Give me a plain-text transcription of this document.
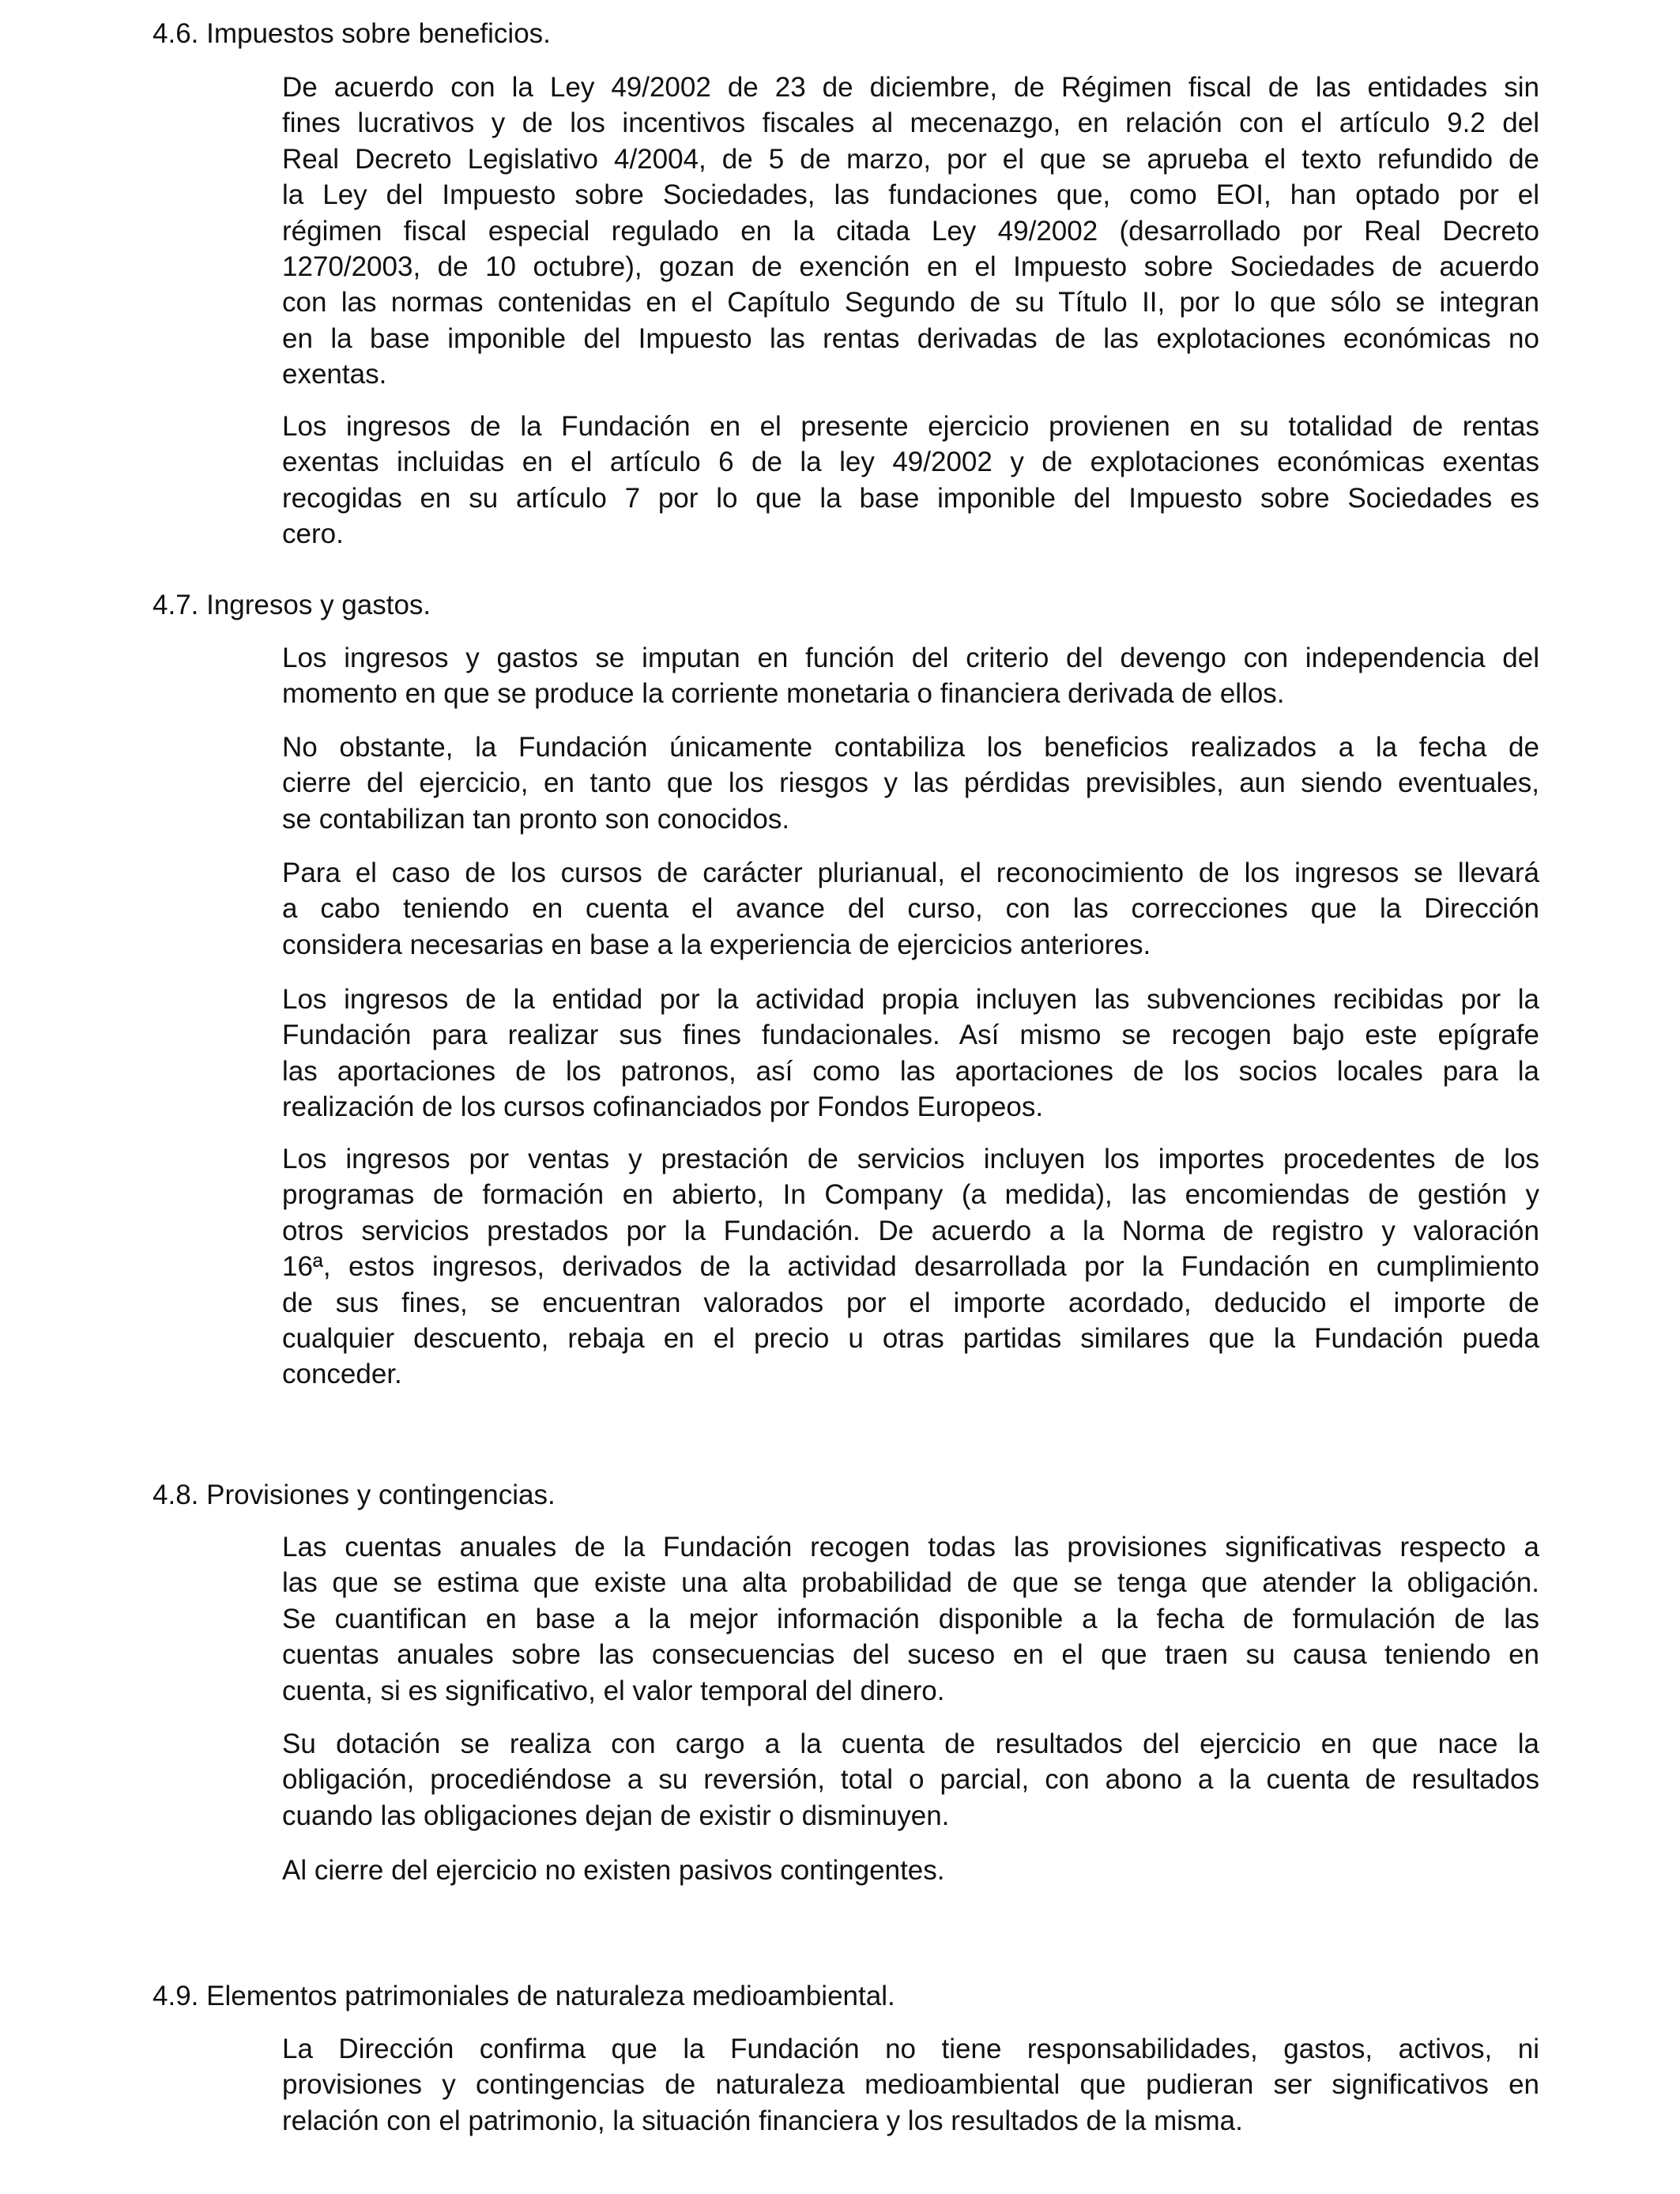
4.6. Impuestos sobre beneficios.

De acuerdo con la Ley 49/2002 de 23 de diciembre, de Régimen fiscal de las entidades sin
fines lucrativos y de los incentivos fiscales al mecenazgo, en relación con el artículo 9.2 del
Real Decreto Legislativo 4/2004, de 5 de marzo, por el que se aprueba el texto refundido de
la Ley del Impuesto sobre Sociedades, las fundaciones que, como EOI, han optado por el
régimen fiscal especial regulado en la citada Ley 49/2002 (desarrollado por Real Decreto
1270/2003, de 10 octubre), gozan de exención en el Impuesto sobre Sociedades de acuerdo
con las normas contenidas en el Capítulo Segundo de su Título II, por lo que sólo se integran
en la base imponible del Impuesto las rentas derivadas de las explotaciones económicas no
exentas.

Los ingresos de la Fundación en el presente ejercicio provienen en su totalidad de rentas
exentas incluidas en el artículo 6 de la ley 49/2002 y de explotaciones económicas exentas
recogidas en su artículo 7 por lo que la base imponible del Impuesto sobre Sociedades es
cero.

4.7. Ingresos y gastos.

Los ingresos y gastos se imputan en función del criterio del devengo con independencia del
momento en que se produce la corriente monetaria o financiera derivada de ellos.

No obstante, la Fundación únicamente contabiliza los beneficios realizados a la fecha de
cierre del ejercicio, en tanto que los riesgos y las pérdidas previsibles, aun siendo eventuales,
se contabilizan tan pronto son conocidos.

Para el caso de los cursos de carácter plurianual, el reconocimiento de los ingresos se llevará
a cabo teniendo en cuenta el avance del curso, con las correcciones que la Dirección
considera necesarias en base a la experiencia de ejercicios anteriores.

Los ingresos de la entidad por la actividad propia incluyen las subvenciones recibidas por la
Fundación para realizar sus fines fundacionales. Así mismo se recogen bajo este epígrafe
las aportaciones de los patronos, así como las aportaciones de los socios locales para la
realización de los cursos cofinanciados por Fondos Europeos.

Los ingresos por ventas y prestación de servicios incluyen los importes procedentes de los
programas de formación en abierto, In Company (a medida), las encomiendas de gestión y
otros servicios prestados por la Fundación. De acuerdo a la Norma de registro y valoración
16ª, estos ingresos, derivados de la actividad desarrollada por la Fundación en cumplimiento
de sus fines, se encuentran valorados por el importe acordado, deducido el importe de
cualquier descuento, rebaja en el precio u otras partidas similares que la Fundación pueda
conceder.

4.8. Provisiones y contingencias.

Las cuentas anuales de la Fundación recogen todas las provisiones significativas respecto a
las que se estima que existe una alta probabilidad de que se tenga que atender la obligación.
Se cuantifican en base a la mejor información disponible a la fecha de formulación de las
cuentas anuales sobre las consecuencias del suceso en el que traen su causa teniendo en
cuenta, si es significativo, el valor temporal del dinero.

Su dotación se realiza con cargo a la cuenta de resultados del ejercicio en que nace la
obligación, procediéndose a su reversión, total o parcial, con abono a la cuenta de resultados
cuando las obligaciones dejan de existir o disminuyen.

Al cierre del ejercicio no existen pasivos contingentes.

4.9. Elementos patrimoniales de naturaleza medioambiental.

La Dirección confirma que la Fundación no tiene responsabilidades, gastos, activos, ni
provisiones y contingencias de naturaleza medioambiental que pudieran ser significativos en
relación con el patrimonio, la situación financiera y los resultados de la misma.
